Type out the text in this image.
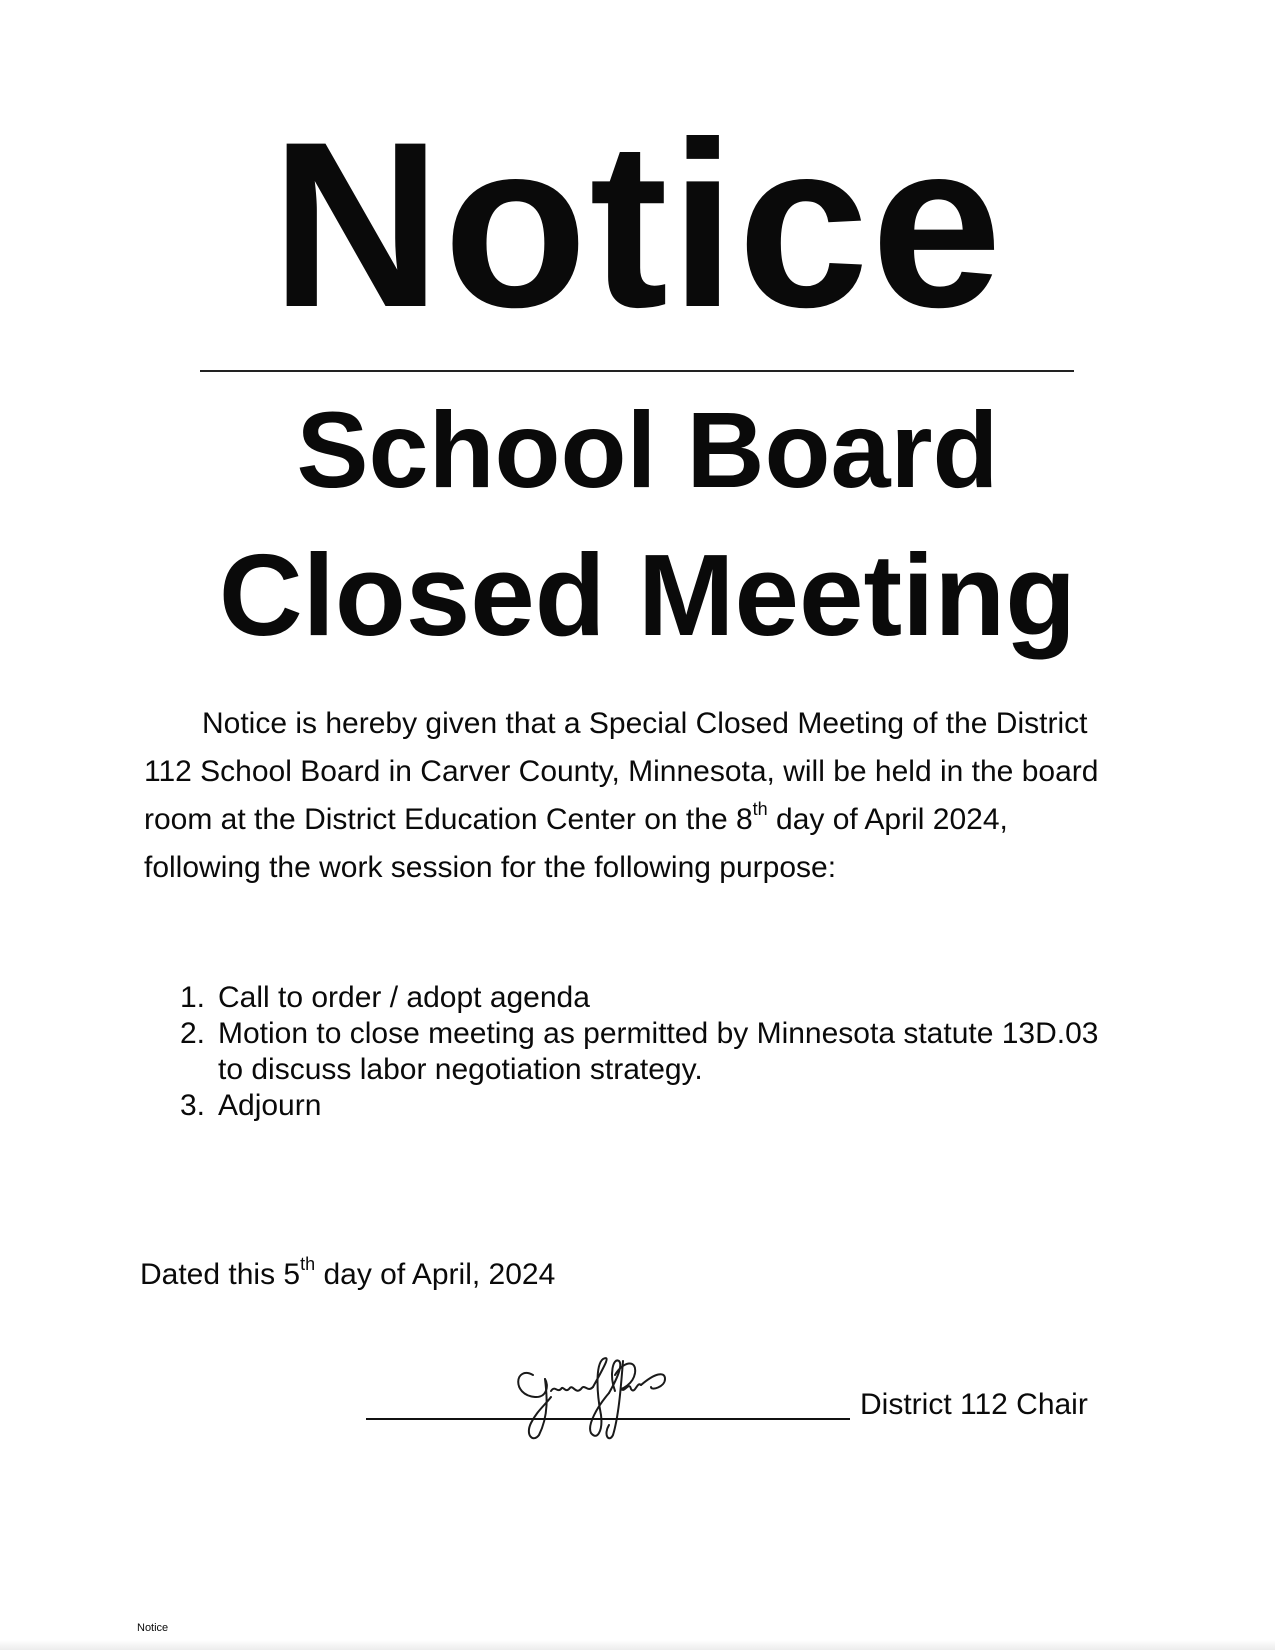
Notice
School Board
Closed Meeting
Notice is hereby given that a Special Closed Meeting of the District 112 School Board in Carver County, Minnesota, will be held in the board room at the District Education Center on the 8th day of April 2024, following the work session for the following purpose:
1. Call to order / adopt agenda
2. Motion to close meeting as permitted by Minnesota statute 13D.03 to discuss labor negotiation strategy.
3. Adjourn
Dated this 5th day of April, 2024
District 112 Chair
Notice
